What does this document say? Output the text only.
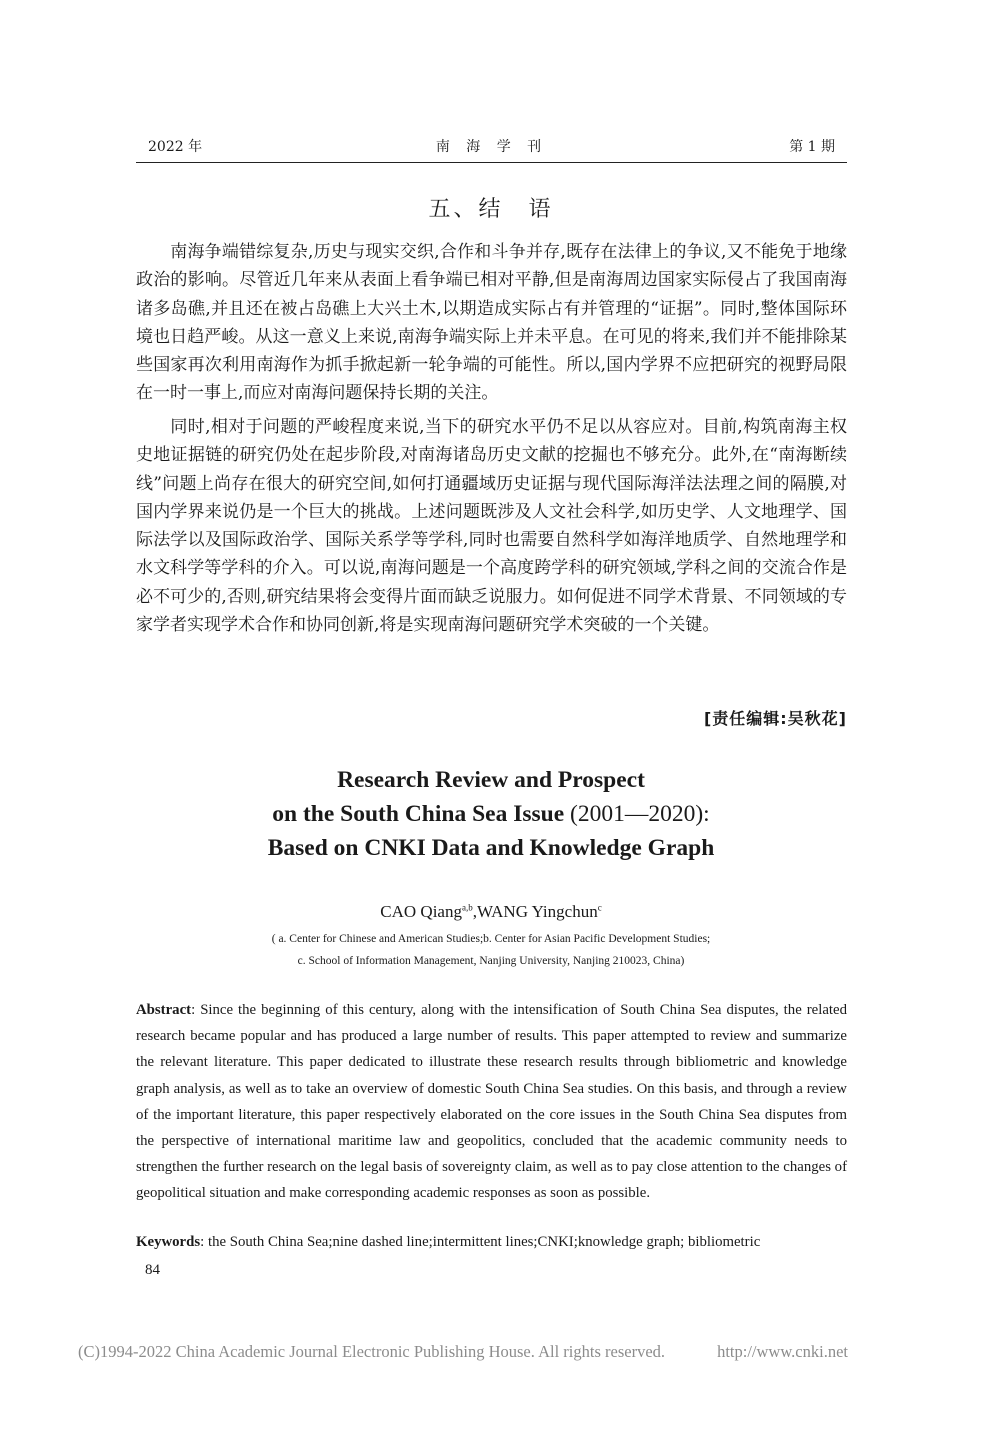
2022 年	南 海 学 刊	第 1 期
五、结　语

南海争端错综复杂,历史与现实交织,合作和斗争并存,既存在法律上的争议,又不能免于地缘政治的影响。尽管近几年来从表面上看争端已相对平静,但是南海周边国家实际侵占了我国南海诸多岛礁,并且还在被占岛礁上大兴土木,以期造成实际占有并管理的“证据”。同时,整体国际环境也日趋严峻。从这一意义上来说,南海争端实际上并未平息。在可见的将来,我们并不能排除某些国家再次利用南海作为抓手掀起新一轮争端的可能性。所以,国内学界不应把研究的视野局限在一时一事上,而应对南海问题保持长期的关注。

同时,相对于问题的严峻程度来说,当下的研究水平仍不足以从容应对。目前,构筑南海主权史地证据链的研究仍处在起步阶段,对南海诸岛历史文献的挖掘也不够充分。此外,在“南海断续线”问题上尚存在很大的研究空间,如何打通疆域历史证据与现代国际海洋法法理之间的隔膜,对国内学界来说仍是一个巨大的挑战。上述问题既涉及人文社会科学,如历史学、人文地理学、国际法学以及国际政治学、国际关系学等学科,同时也需要自然科学如海洋地质学、自然地理学和水文科学等学科的介入。可以说,南海问题是一个高度跨学科的研究领域,学科之间的交流合作是必不可少的,否则,研究结果将会变得片面而缺乏说服力。如何促进不同学术背景、不同领域的专家学者实现学术合作和协同创新,将是实现南海问题研究学术突破的一个关键。

[责任编辑:吴秋花]
Research Review and Prospect
on the South China Sea Issue (2001—2020):
Based on CNKI Data and Knowledge Graph
CAO Qiang$^{a,b}$,WANG Yingchun$^c$
( a. Center for Chinese and American Studies;b. Center for Asian Pacific Development Studies;
c. School of Information Management, Nanjing University, Nanjing 210023, China)

Abstract: Since the beginning of this century, along with the intensification of South China Sea disputes, the related research became popular and has produced a large number of results. This paper attempted to review and summarize the relevant literature. This paper dedicated to illustrate these research results through bibliometric and knowledge graph analysis, as well as to take an overview of domestic South China Sea studies. On this basis, and through a review of the important literature, this paper respectively elaborated on the core issues in the South China Sea disputes from the perspective of international maritime law and geopolitics, concluded that the academic community needs to strengthen the further research on the legal basis of sovereignty claim, as well as to pay close attention to the changes of geopolitical situation and make corresponding academic responses as soon as possible.

Keywords: the South China Sea;nine dashed line;intermittent lines;CNKI;knowledge graph; bibliometric

84
(C)1994-2022 China Academic Journal Electronic Publishing House. All rights reserved.	http://www.cnki.net
